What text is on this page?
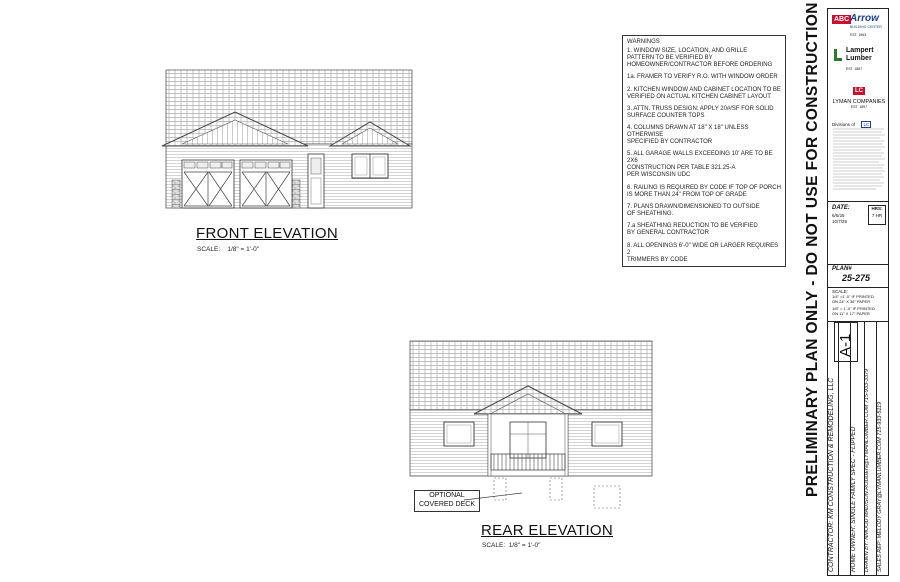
FRONT ELEVATION
SCALE:    1/8" = 1'-0"
OPTIONAL
COVERED DECK
REAR ELEVATION
SCALE:  1/8" = 1'-0"
WARNINGS
1. WINDOW SIZE, LOCATION, AND GRILLE
PATTERN TO BE VERIFIED BY
HOMEOWNER/CONTRACTOR BEFORE ORDERING
1a. FRAMER TO VERIFY R.O. WITH WINDOW ORDER
2. KITCHEN WINDOW AND CABINET LOCATION TO BE
VERIFIED ON ACTUAL KITCHEN CABINET LAYOUT
3. ATTN. TRUSS DESIGN: APPLY 20#/SF FOR SOLID
SURFACE COUNTER TOPS
4. COLUMNS DRAWN AT 18" X 18" UNLESS
OTHERWISE
SPECIFIED BY CONTRACTOR
5. ALL GARAGE WALLS EXCEEDING 10' ARE TO BE
2X6
CONSTRUCTION PER TABLE 321.25-A
PER WISCONSIN UDC
6. RAILING IS REQUIRED BY CODE IF TOP OF PORCH
IS MORE THAN 24" FROM TOP OF GRADE
7. PLANS DRAWN/DIMENSIONED TO OUTSIDE
OF SHEATHING.
7.a SHEATHING REDUCTION TO BE VERIFIED
BY GENERAL CONTRACTOR
8. ALL OPENINGS 6'-0" WIDE OR LARGER REQUIRES 2
TRIMMERS BY CODE	PRELIMINARY PLAN ONLY - DO NOT USE FOR CONSTRUCTION A-1
ABC Arrow
BUILDING CENTER
EST. 1963
Lampert
Lumber
EST. 1887
LC
LYMAN COMPANIES
EST. 1897
Divisions of LC
DATE:
6/5/25
10/7/25
HRS:
7 HR
PLAN#
25-275
SCALE:
1/4" =1'-0" IF PRINTED
ON 24" X 36" PAPER
1/8" = 1'-0" IF PRINTED
ON 11" X 17" PAPER
CONTRACTOR: KM CONSTRUCTION & REMODELING, LLC HOME OWNER: SINGLE FAMILY SPEC - FLIPPED DRAWN BY: NMOOD MADISON.RODDEN@LYMANLUMBER.COM 715-933-3379 SALES REP: MELODY GRAY@LYMANLUMBER.COM 715-933-5119
